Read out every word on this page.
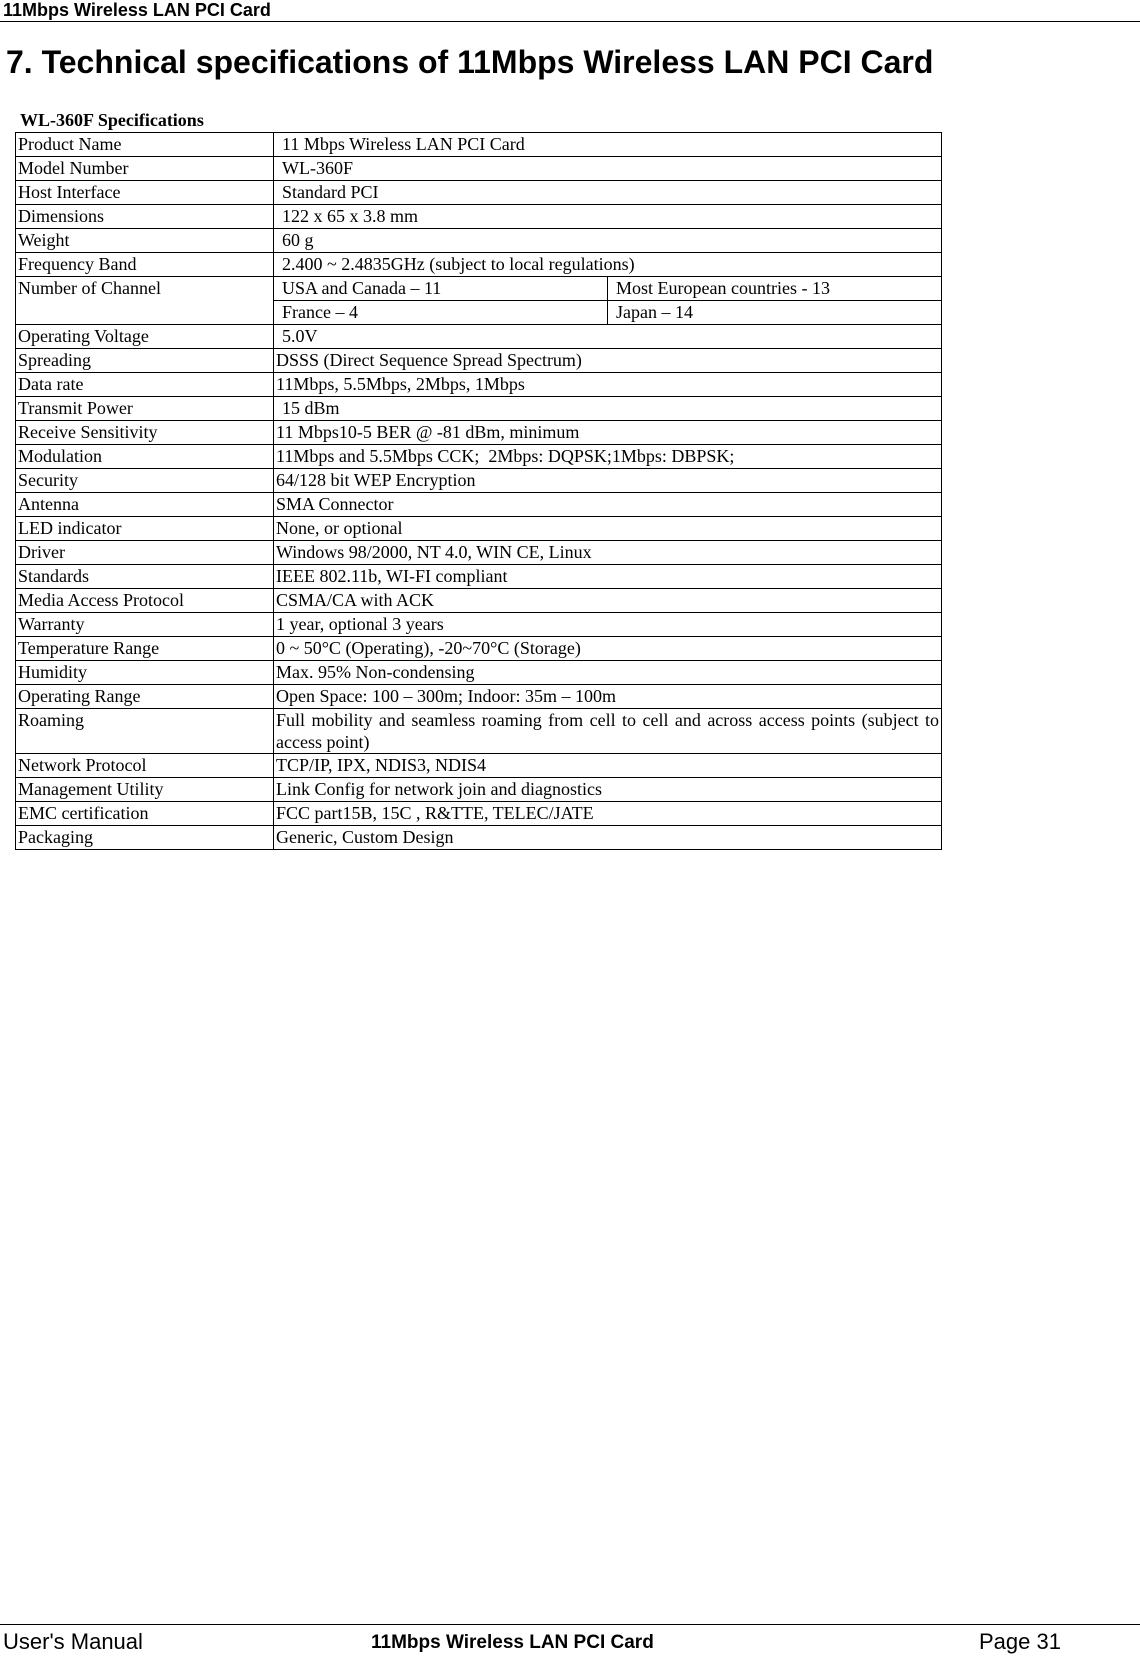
11Mbps Wireless LAN PCI Card
7. Technical specifications of 11Mbps Wireless LAN PCI Card
WL-360F Specifications
Product Name	11 Mbps Wireless LAN PCI Card	
Model Number	WL-360F	
Host Interface	Standard PCI	
Dimensions	122 x 65 x 3.8 mm	
Weight	60 g	
Frequency Band	2.400 ~ 2.4835GHz (subject to local regulations)	
Number of Channel	USA and Canada – 11	Most European countries - 13
	France – 4	Japan – 14
Operating Voltage	5.0V	
Spreading	DSSS (Direct Sequence Spread Spectrum)	
Data rate	11Mbps, 5.5Mbps, 2Mbps, 1Mbps	
Transmit Power	15 dBm	
Receive Sensitivity	11 Mbps10-5 BER @ -81 dBm, minimum	
Modulation	11Mbps and 5.5Mbps CCK;  2Mbps: DQPSK;1Mbps: DBPSK;	
Security	64/128 bit WEP Encryption	
Antenna	SMA Connector	
LED indicator	None, or optional	
Driver	Windows 98/2000, NT 4.0, WIN CE, Linux	
Standards	IEEE 802.11b, WI-FI compliant	
Media Access Protocol	CSMA/CA with ACK	
Warranty	1 year, optional 3 years	
Temperature Range	0 ~ 50°C (Operating), -20~70°C (Storage)	
Humidity	Max. 95% Non-condensing	
Operating Range	Open Space: 100 – 300m; Indoor: 35m – 100m	
Roaming	Full mobility and seamless roaming from cell to cell and across access points (subject to access point)	

Network Protocol	TCP/IP, IPX, NDIS3, NDIS4	
Management Utility	Link Config for network join and diagnostics	
EMC certification	FCC part15B, 15C , R&TTE, TELEC/JATE	
Packaging	Generic, Custom Design	
User's Manual	11Mbps Wireless LAN PCI Card	Page 31
